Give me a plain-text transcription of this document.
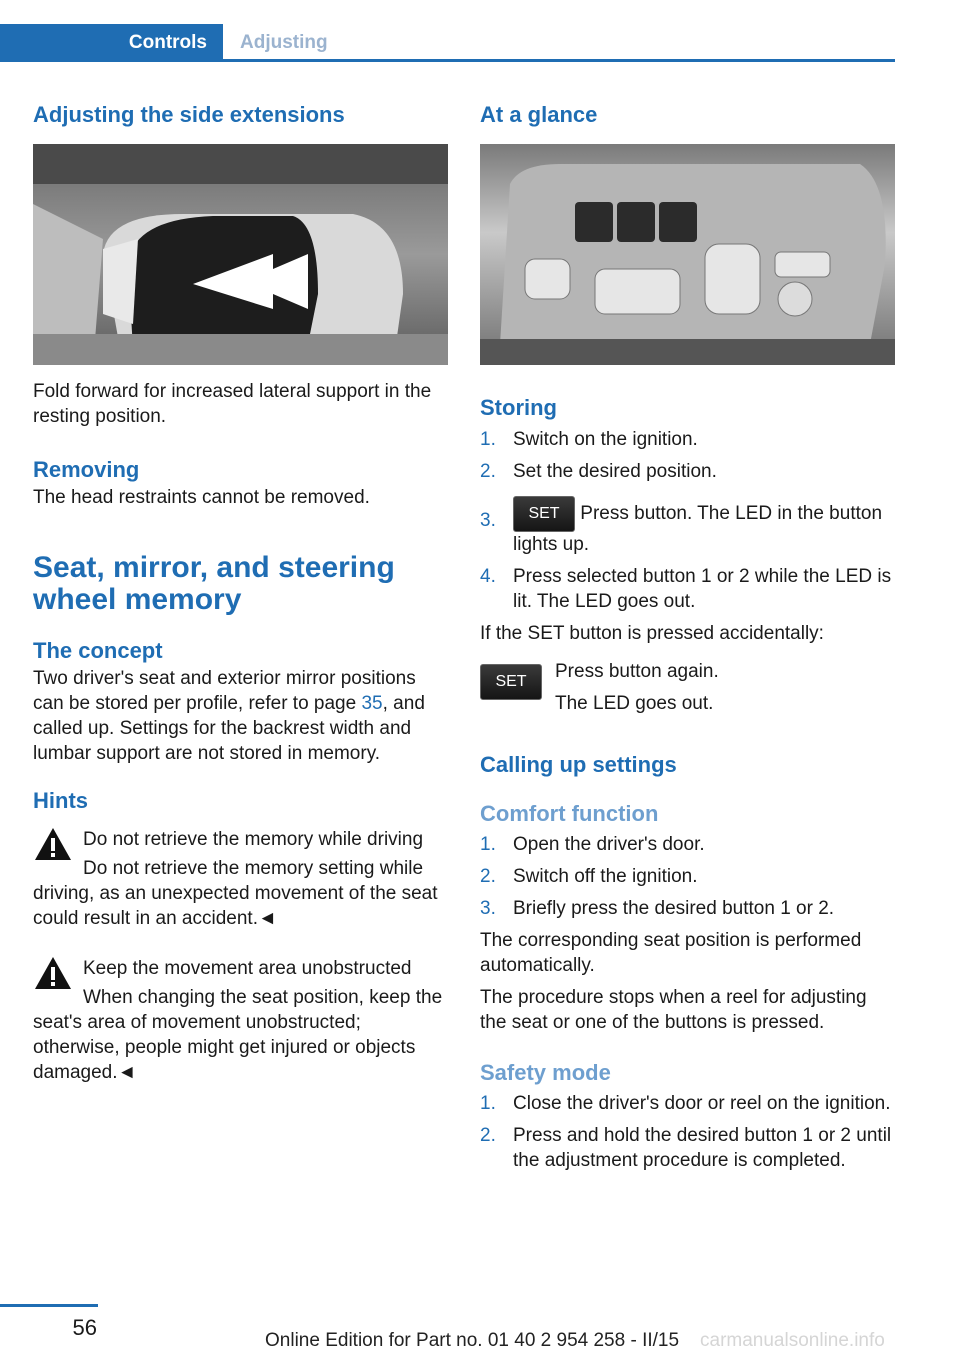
Controls	Adjusting
Adjusting the side extensions

Fold forward for increased lateral support in the resting position.

Removing

The head restraints cannot be removed.

Seat, mirror, and steering wheel memory
The concept

Two driver's seat and exterior mirror positions can be stored per profile, refer to page 35, and called up. Settings for the backrest width and lumbar support are not stored in memory.

Hints

Do not retrieve the memory while driving

Do not retrieve the memory setting while driving, as an unexpected movement of the seat could result in an accident.◄

Keep the movement area unobstructed

When changing the seat position, keep the seat's area of movement unobstructed; otherwise, people might get injured or objects damaged.◄

At a glance
Storing
1. Switch on the ignition.
2. Set the desired position.
3. SET Press button. The LED in the button lights up.
4. Press selected button 1 or 2 while the LED is lit. The LED goes out.

If the SET button is pressed accidentally:

SET	Press button again.

The LED goes out.

Calling up settings
Comfort function
1. Open the driver's door.
2. Switch off the ignition.
3. Briefly press the desired button 1 or 2.

The corresponding seat position is performed automatically.

The procedure stops when a reel for adjusting the seat or one of the buttons is pressed.

Safety mode
1. Close the driver's door or reel on the ignition.
2. Press and hold the desired button 1 or 2 until the adjustment procedure is completed.
56
carmanualsonline.info
Online Edition for Part no. 01 40 2 954 258 - II/15
